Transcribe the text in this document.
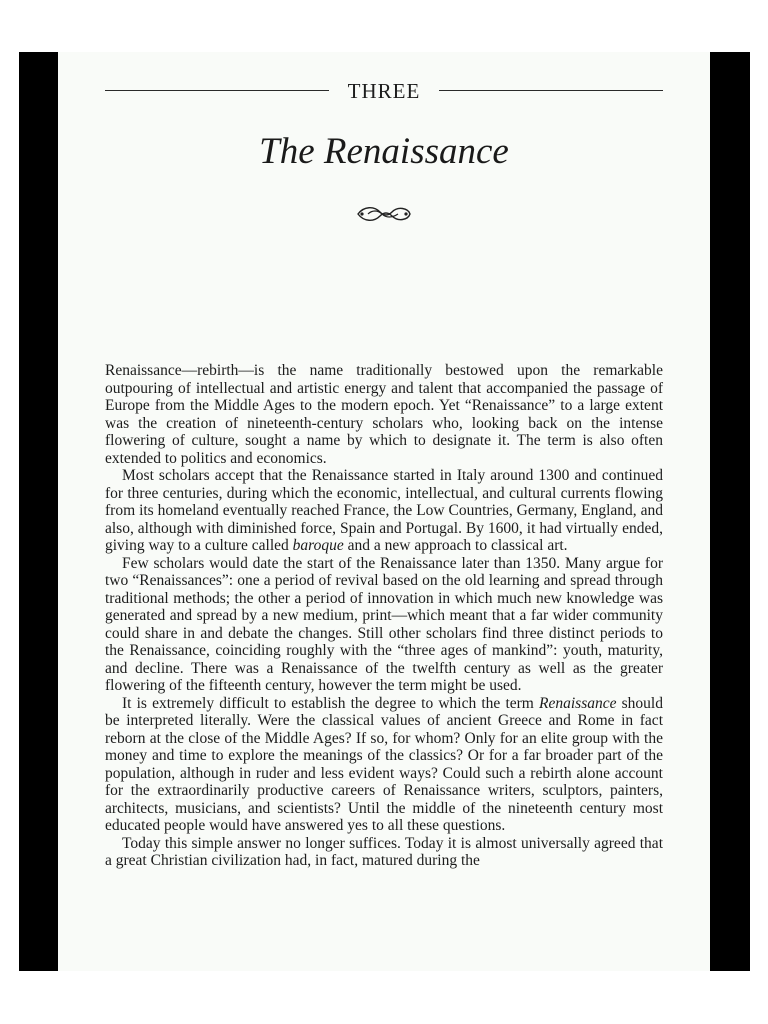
THREE
The Renaissance

Renaissance—rebirth—is the name traditionally bestowed upon the remarkable outpouring of intellectual and artistic energy and talent that accompanied the passage of Europe from the Middle Ages to the modern epoch. Yet “Renaissance” to a large extent was the creation of nineteenth-century scholars who, looking back on the intense flowering of culture, sought a name by which to designate it. The term is also often extended to politics and economics.

Most scholars accept that the Renaissance started in Italy around 1300 and continued for three centuries, during which the economic, intellectual, and cultural currents flowing from its homeland eventually reached France, the Low Countries, Germany, England, and also, although with diminished force, Spain and Portugal. By 1600, it had virtually ended, giving way to a culture called baroque and a new approach to classical art.

Few scholars would date the start of the Renaissance later than 1350. Many argue for two “Renaissances”: one a period of revival based on the old learning and spread through traditional methods; the other a period of innovation in which much new knowledge was generated and spread by a new medium, print—which meant that a far wider community could share in and debate the changes. Still other scholars find three distinct periods to the Renaissance, coinciding roughly with the “three ages of mankind”: youth, maturity, and decline. There was a Renaissance of the twelfth century as well as the greater flowering of the fifteenth century, however the term might be used.

It is extremely difficult to establish the degree to which the term Renaissance should be interpreted literally. Were the classical values of ancient Greece and Rome in fact reborn at the close of the Middle Ages? If so, for whom? Only for an elite group with the money and time to explore the meanings of the classics? Or for a far broader part of the population, although in ruder and less evident ways? Could such a rebirth alone account for the extraordinarily productive careers of Renaissance writers, sculptors, painters, architects, musicians, and scientists? Until the middle of the nineteenth century most educated people would have answered yes to all these questions.

Today this simple answer no longer suffices. Today it is almost universally agreed that a great Christian civilization had, in fact, matured during the
